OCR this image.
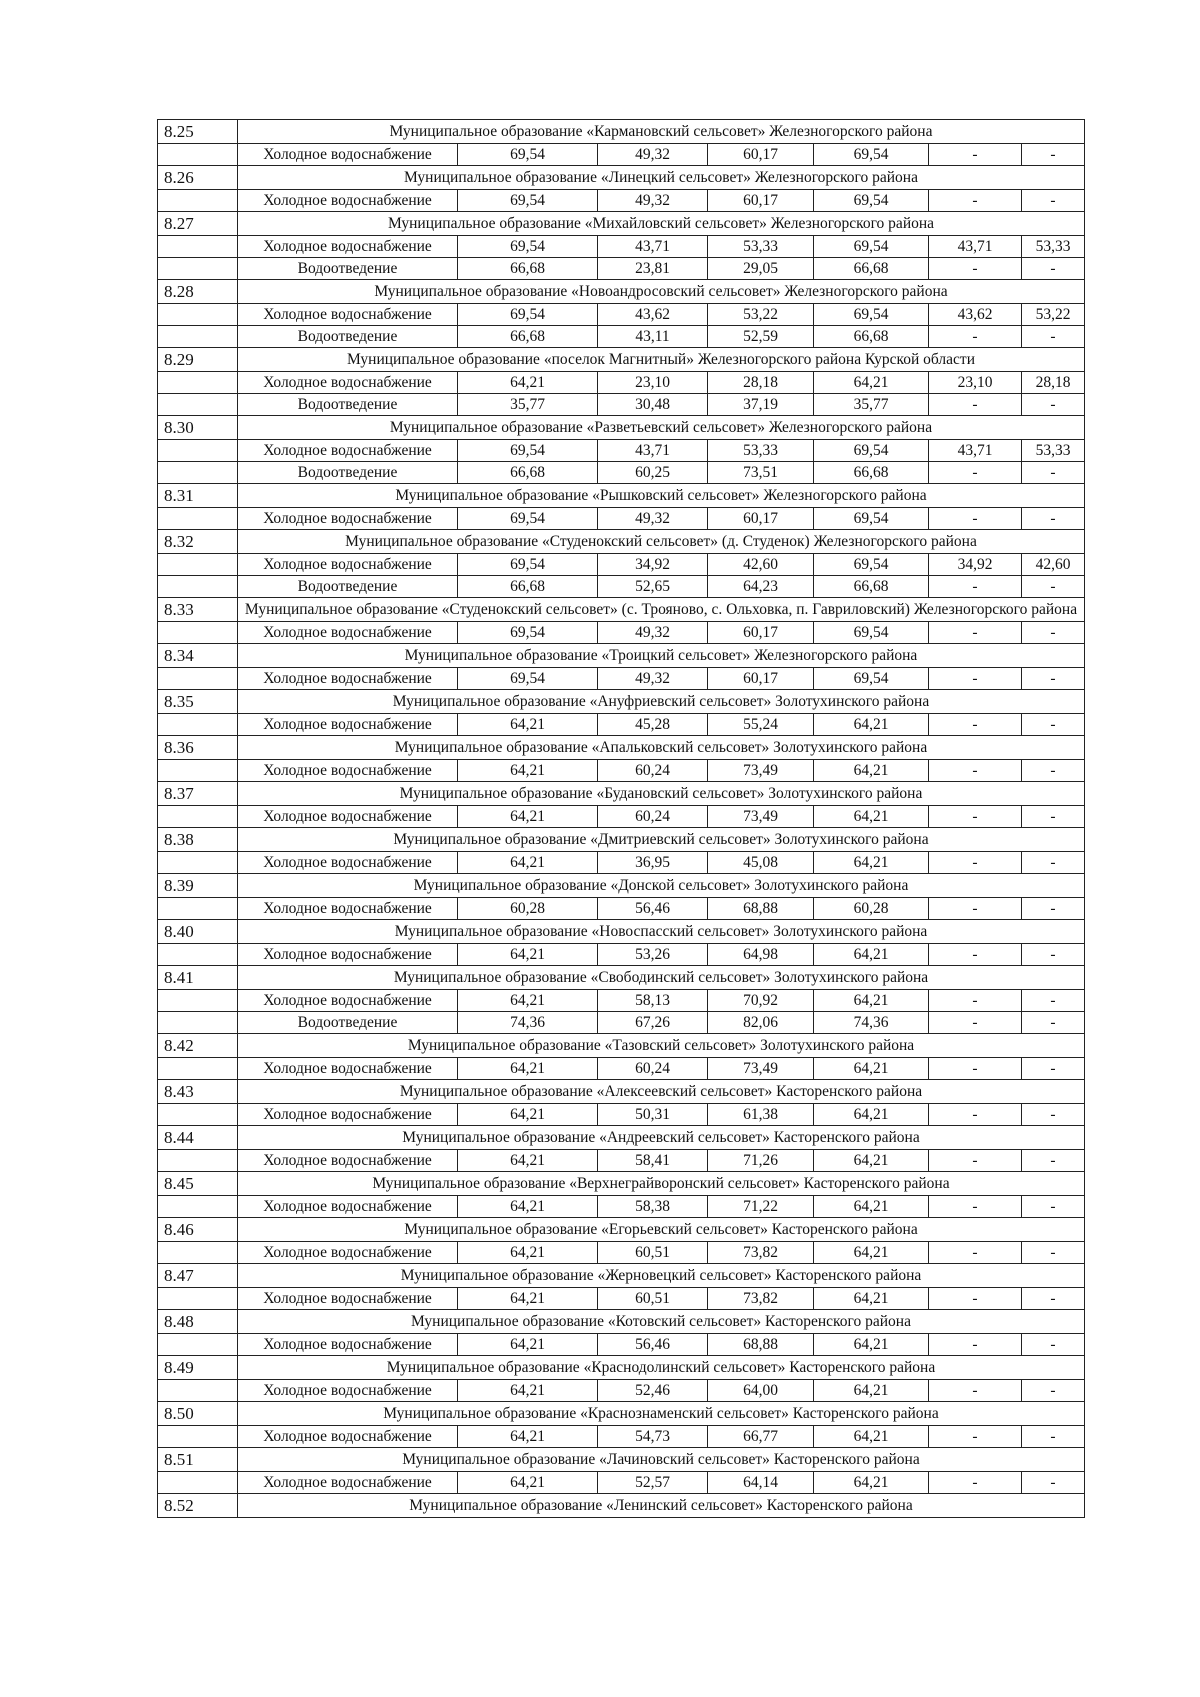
8.25	Муниципальное образование «Кармановский сельсовет» Железногорского района						
	Холодное водоснабжение	69,54	49,32	60,17	69,54	-	-
8.26	Муниципальное образование «Линецкий сельсовет» Железногорского района						
	Холодное водоснабжение	69,54	49,32	60,17	69,54	-	-
8.27	Муниципальное образование «Михайловский сельсовет» Железногорского района						
	Холодное водоснабжение	69,54	43,71	53,33	69,54	43,71	53,33
	Водоотведение	66,68	23,81	29,05	66,68	-	-
8.28	Муниципальное образование «Новоандросовский сельсовет» Железногорского района						
	Холодное водоснабжение	69,54	43,62	53,22	69,54	43,62	53,22
	Водоотведение	66,68	43,11	52,59	66,68	-	-
8.29	Муниципальное образование «поселок Магнитный» Железногорского района Курской области						
	Холодное водоснабжение	64,21	23,10	28,18	64,21	23,10	28,18
	Водоотведение	35,77	30,48	37,19	35,77	-	-
8.30	Муниципальное образование «Разветьевский сельсовет» Железногорского района						
	Холодное водоснабжение	69,54	43,71	53,33	69,54	43,71	53,33
	Водоотведение	66,68	60,25	73,51	66,68	-	-
8.31	Муниципальное образование «Рышковский сельсовет» Железногорского района						
	Холодное водоснабжение	69,54	49,32	60,17	69,54	-	-
8.32	Муниципальное образование «Студенокский сельсовет» (д. Студенок) Железногорского района						
	Холодное водоснабжение	69,54	34,92	42,60	69,54	34,92	42,60
	Водоотведение	66,68	52,65	64,23	66,68	-	-
8.33	Муниципальное образование «Студенокский сельсовет» (с. Трояново, с. Ольховка, п. Гавриловский) Железногорского района						
	Холодное водоснабжение	69,54	49,32	60,17	69,54	-	-
8.34	Муниципальное образование «Троицкий сельсовет» Железногорского района						
	Холодное водоснабжение	69,54	49,32	60,17	69,54	-	-
8.35	Муниципальное образование «Ануфриевский сельсовет» Золотухинского района						
	Холодное водоснабжение	64,21	45,28	55,24	64,21	-	-
8.36	Муниципальное образование «Апальковский сельсовет» Золотухинского района						
	Холодное водоснабжение	64,21	60,24	73,49	64,21	-	-
8.37	Муниципальное образование «Будановский сельсовет» Золотухинского района						
	Холодное водоснабжение	64,21	60,24	73,49	64,21	-	-
8.38	Муниципальное образование «Дмитриевский сельсовет» Золотухинского района						
	Холодное водоснабжение	64,21	36,95	45,08	64,21	-	-
8.39	Муниципальное образование «Донской сельсовет» Золотухинского района						
	Холодное водоснабжение	60,28	56,46	68,88	60,28	-	-
8.40	Муниципальное образование «Новоспасский сельсовет» Золотухинского района						
	Холодное водоснабжение	64,21	53,26	64,98	64,21	-	-
8.41	Муниципальное образование «Свободинский сельсовет» Золотухинского района						
	Холодное водоснабжение	64,21	58,13	70,92	64,21	-	-
	Водоотведение	74,36	67,26	82,06	74,36	-	-
8.42	Муниципальное образование «Тазовский сельсовет» Золотухинского района						
	Холодное водоснабжение	64,21	60,24	73,49	64,21	-	-
8.43	Муниципальное образование «Алексеевский сельсовет» Касторенского района						
	Холодное водоснабжение	64,21	50,31	61,38	64,21	-	-
8.44	Муниципальное образование «Андреевский сельсовет» Касторенского района						
	Холодное водоснабжение	64,21	58,41	71,26	64,21	-	-
8.45	Муниципальное образование «Верхнеграйворонский сельсовет» Касторенского района						
	Холодное водоснабжение	64,21	58,38	71,22	64,21	-	-
8.46	Муниципальное образование «Егорьевский сельсовет» Касторенского района						
	Холодное водоснабжение	64,21	60,51	73,82	64,21	-	-
8.47	Муниципальное образование «Жерновецкий сельсовет» Касторенского района						
	Холодное водоснабжение	64,21	60,51	73,82	64,21	-	-
8.48	Муниципальное образование «Котовский сельсовет» Касторенского района						
	Холодное водоснабжение	64,21	56,46	68,88	64,21	-	-
8.49	Муниципальное образование «Краснодолинский сельсовет» Касторенского района						
	Холодное водоснабжение	64,21	52,46	64,00	64,21	-	-
8.50	Муниципальное образование «Краснознаменский сельсовет» Касторенского района						
	Холодное водоснабжение	64,21	54,73	66,77	64,21	-	-
8.51	Муниципальное образование «Лачиновский сельсовет» Касторенского района						
	Холодное водоснабжение	64,21	52,57	64,14	64,21	-	-
8.52	Муниципальное образование «Ленинский сельсовет» Касторенского района						
